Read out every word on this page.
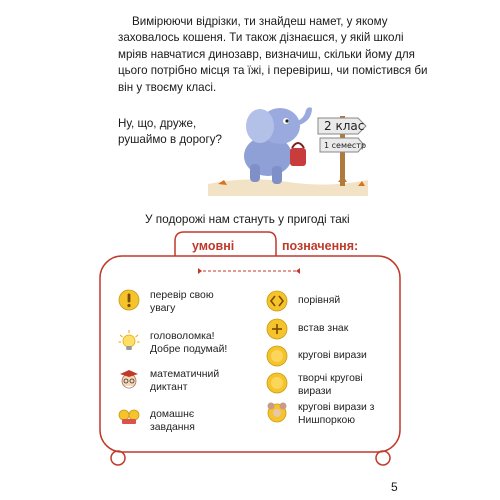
Вимірюючи відрізки, ти знайдеш намет, у якому заховалось кошеня. Ти також дізнаєшся, у якій школі мріяв навчатися динозавр, визначиш, скільки йому для цього потрібно місця та їжі, і перевіриш, чи помістився би він у твоєму класі.

Ну, що, друже, рушаймо в дорогу?

2 клас
1 семестр

У подорожі нам стануть у пригоді такі

умовні	позначення:
перевір свою увагу
головоломка! Добре подумай!
математичний диктант
домашнє завдання
порівняй
встав знак
кругові вирази
творчі кругові вирази
кругові вирази з Нишпоркою
5
